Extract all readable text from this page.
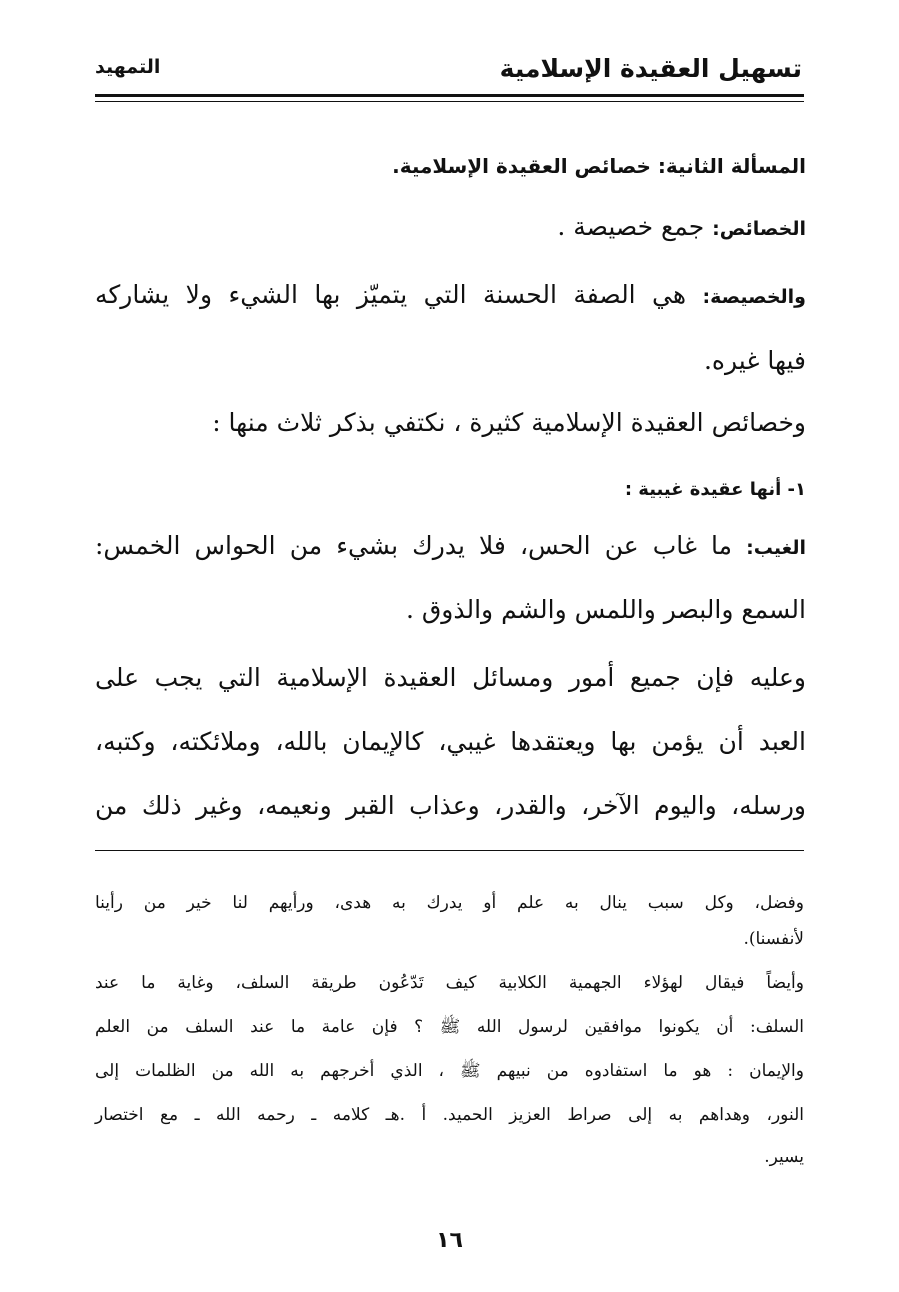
تسهيل العقيدة الإسلامية
التمهيد

المسألة الثانية: خصائص العقيدة الإسلامية.

الخصائص: جمع خصيصة .

والخصيصة: هي الصفة الحسنة التي يتميّز بها الشيء ولا يشاركه

فيها غيره.

وخصائص العقيدة الإسلامية كثيرة ، نكتفي بذكر ثلاث منها :

١- أنها عقيدة غيبية :

الغيب: ما غاب عن الحس، فلا يدرك بشيء من الحواس الخمس:

السمع والبصر واللمس والشم والذوق .

وعليه فإن جميع أمور ومسائل العقيدة الإسلامية التي يجب على

العبد أن يؤمن بها ويعتقدها غيبي، كالإيمان بالله، وملائكته، وكتبه،

ورسله، واليوم الآخر، والقدر، وعذاب القبر ونعيمه، وغير ذلك من

وفضل، وكل سبب ينال به علم أو يدرك به هدى، ورأيهم لنا خير من رأينا

لأنفسنا).

وأيضاً فيقال لهؤلاء الجهمية الكلابية كيف تَدّعُون طريقة السلف، وغاية ما عند

السلف: أن يكونوا موافقين لرسول الله ﷺ ؟ فإن عامة ما عند السلف من العلم

والإيمان : هو ما استفادوه من نبيهم ﷺ ، الذي أخرجهم به الله من الظلمات إلى

النور، وهداهم به إلى صراط العزيز الحميد. أ .هـ كلامه ـ رحمه الله ـ مع اختصار

يسير.

١٦
